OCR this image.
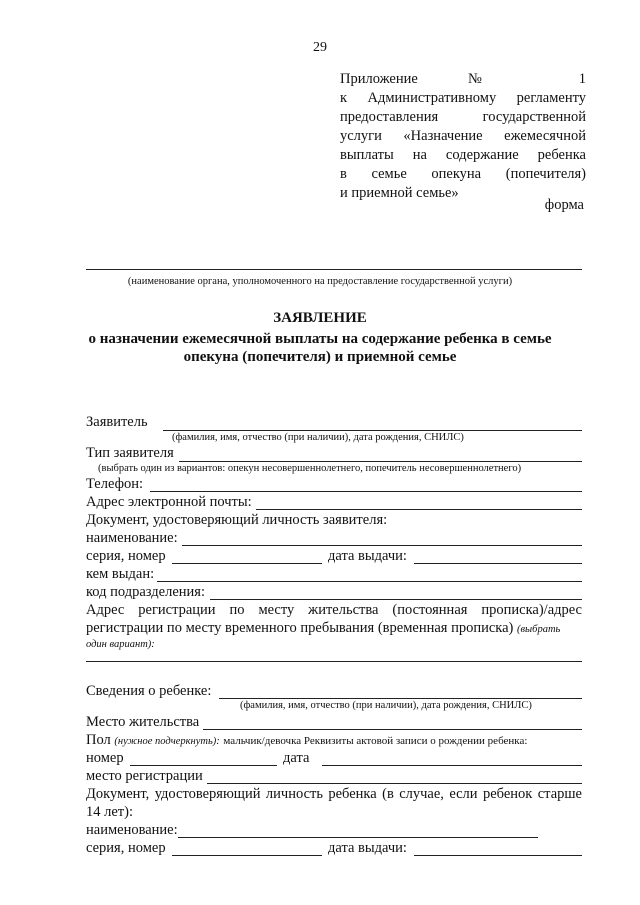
29
Приложение № 1
к Административному регламенту
предоставления государственной
услуги «Назначение ежемесячной
выплаты на содержание ребенка
в семье опекуна (попечителя)
и приемной семье»
форма
(наименование органа, уполномоченного на предоставление государственной услуги)
ЗАЯВЛЕНИЕ
о назначении ежемесячной выплаты на содержание ребенка в семье
опекуна (попечителя) и приемной семье
Заявитель
(фамилия, имя, отчество (при наличии), дата рождения, СНИЛС)
Тип заявителя
(выбрать один из вариантов: опекун несовершеннолетнего, попечитель несовершеннолетнего)
Телефон:
Адрес электронной почты:
Документ, удостоверяющий личность заявителя:
наименование:
серия, номер	дата выдачи:
кем выдан:
код подразделения:
Адрес регистрации по месту жительства (постоянная прописка)/адрес
регистрации по месту временного пребывания (временная прописка) (выбрать
один вариант):
Сведения о ребенке:
(фамилия, имя, отчество (при наличии), дата рождения, СНИЛС)
Место жительства
Пол (нужное подчеркнуть): мальчик/девочка Реквизиты актовой записи о рождении ребенка:
номер	дата
место регистрации
Документ, удостоверяющий личность ребенка (в случае, если ребенок старше
14 лет):
наименование:
серия, номер	дата выдачи:
